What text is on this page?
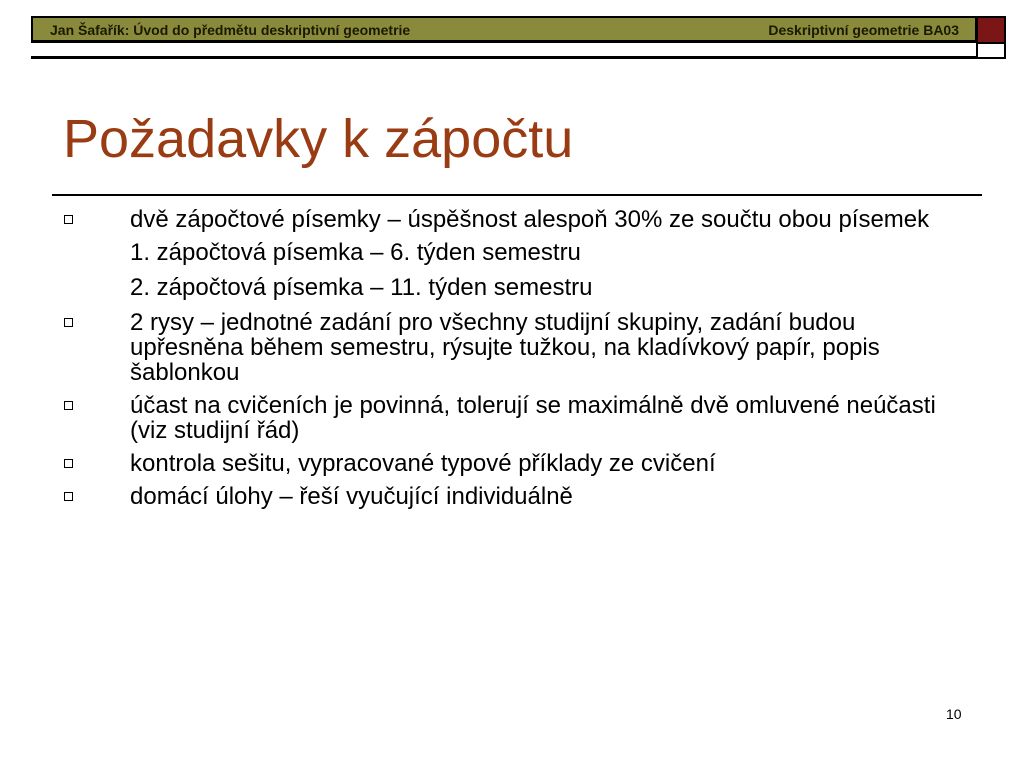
Jan Šafařík: Úvod do předmětu deskriptivní geometrie	Deskriptivní geometrie BA03
Požadavky k zápočtu
dvě zápočtové písemky – úspěšnost alespoň 30% ze součtu obou písemek
1. zápočtová písemka – 6. týden semestru
2. zápočtová písemka – 11. týden semestru
2 rysy – jednotné zadání pro všechny studijní skupiny, zadání budou upřesněna během semestru, rýsujte tužkou, na kladívkový papír, popis šablonkou
účast na cvičeních je povinná, tolerují se maximálně dvě omluvené neúčasti (viz studijní řád)
kontrola sešitu, vypracované typové příklady ze cvičení
domácí úlohy – řeší vyučující individuálně
10
